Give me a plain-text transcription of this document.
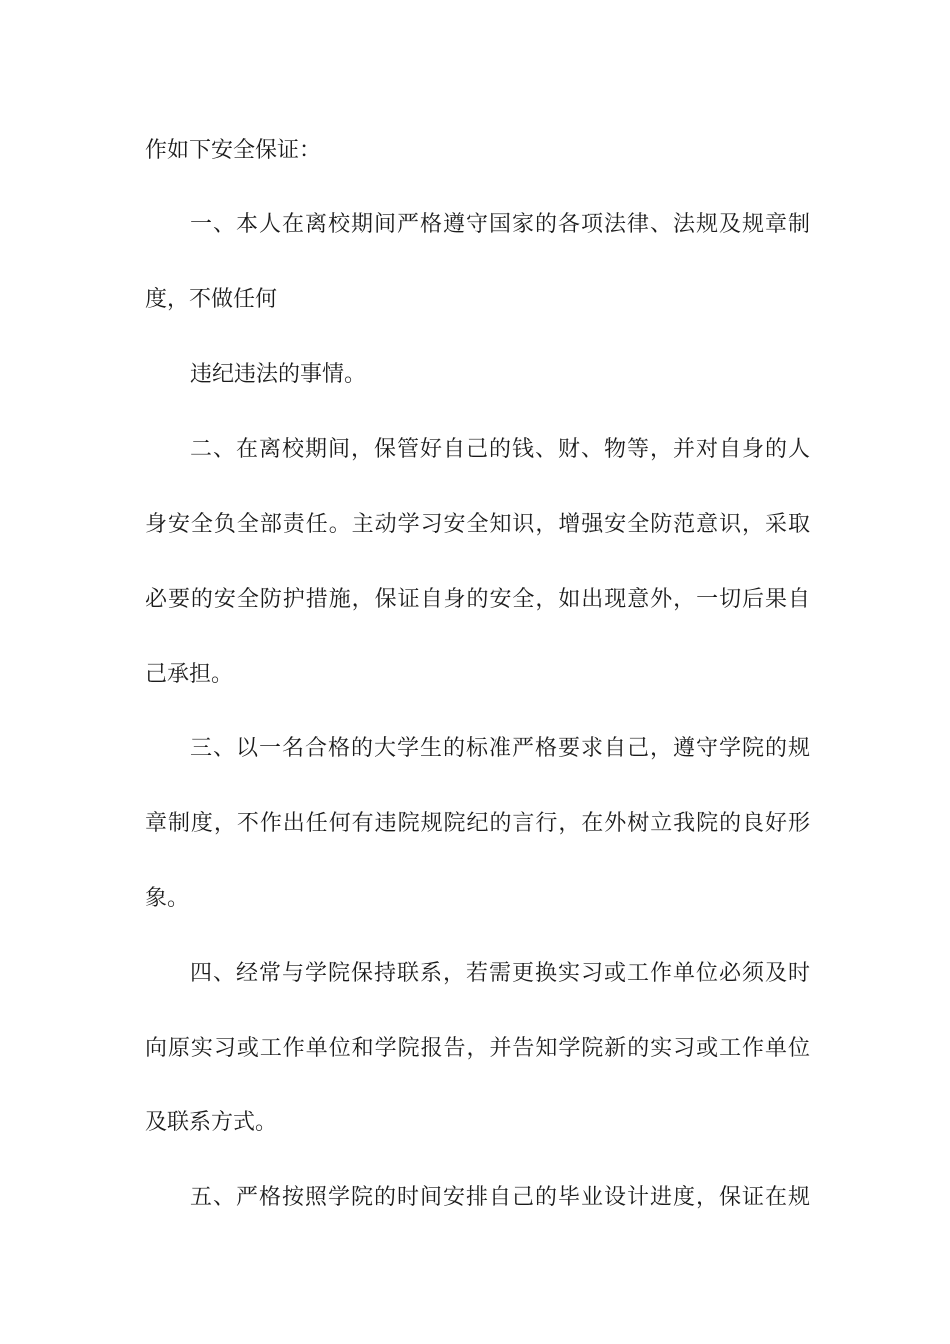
作如下安全保证：
一、本人在离校期间严格遵守国家的各项法律、法规及规章制
度，不做任何
违纪违法的事情。
二、在离校期间，保管好自己的钱、财、物等，并对自身的人
身安全负全部责任。主动学习安全知识，增强安全防范意识，采取
必要的安全防护措施，保证自身的安全，如出现意外，一切后果自
己承担。
三、以一名合格的大学生的标准严格要求自己，遵守学院的规
章制度，不作出任何有违院规院纪的言行，在外树立我院的良好形
象。
四、经常与学院保持联系，若需更换实习或工作单位必须及时
向原实习或工作单位和学院报告，并告知学院新的实习或工作单位
及联系方式。
五、严格按照学院的时间安排自己的毕业设计进度，保证在规
